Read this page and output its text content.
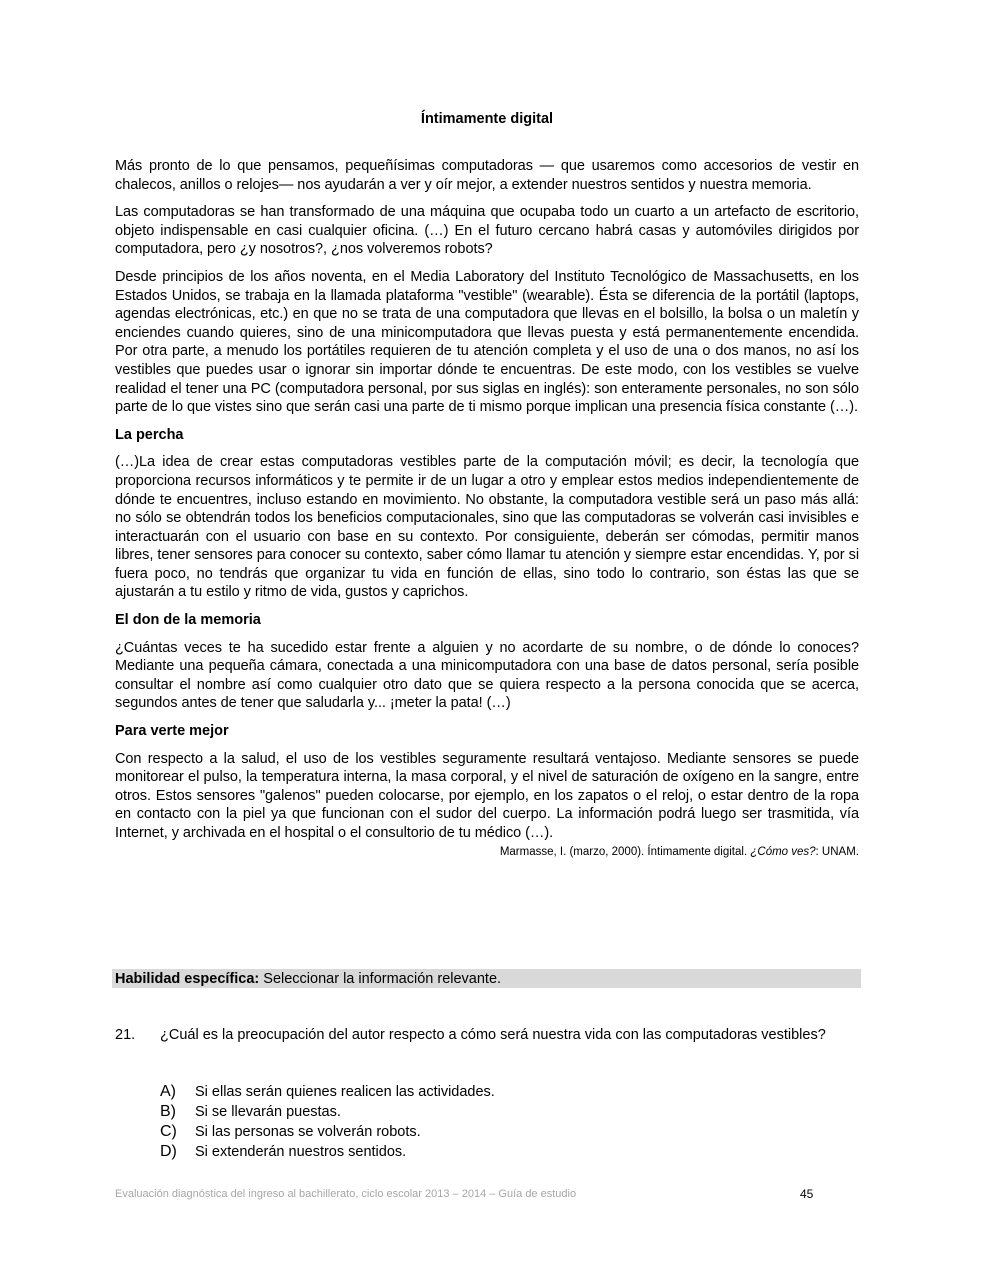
Íntimamente digital

Más pronto de lo que pensamos, pequeñísimas computadoras — que usaremos como accesorios de vestir en chalecos, anillos o relojes— nos ayudarán a ver y oír mejor, a extender nuestros sentidos y nuestra memoria.

Las computadoras se han transformado de una máquina que ocupaba todo un cuarto a un artefacto de escritorio, objeto indispensable en casi cualquier oficina. (…) En el futuro cercano habrá casas y automóviles dirigidos por computadora, pero ¿y nosotros?, ¿nos volveremos robots?

Desde principios de los años noventa, en el Media Laboratory del Instituto Tecnológico de Massachusetts, en los Estados Unidos, se trabaja en la llamada plataforma "vestible" (wearable). Ésta se diferencia de la portátil (laptops, agendas electrónicas, etc.) en que no se trata de una computadora que llevas en el bolsillo, la bolsa o un maletín y enciendes cuando quieres, sino de una minicomputadora que llevas puesta y está permanentemente encendida. Por otra parte, a menudo los portátiles requieren de tu atención completa y el uso de una o dos manos, no así los vestibles que puedes usar o ignorar sin importar dónde te encuentras. De este modo, con los vestibles se vuelve realidad el tener una PC (computadora personal, por sus siglas en inglés): son enteramente personales, no son sólo parte de lo que vistes sino que serán casi una parte de ti mismo porque implican una presencia física constante (…).

La percha

(…)La idea de crear estas computadoras vestibles parte de la computación móvil; es decir, la tecnología que proporciona recursos informáticos y te permite ir de un lugar a otro y emplear estos medios independientemente de dónde te encuentres, incluso estando en movimiento. No obstante, la computadora vestible será un paso más allá: no sólo se obtendrán todos los beneficios computacionales, sino que las computadoras se volverán casi invisibles e interactuarán con el usuario con base en su contexto. Por consiguiente, deberán ser cómodas, permitir manos libres, tener sensores para conocer su contexto, saber cómo llamar tu atención y siempre estar encendidas. Y, por si fuera poco, no tendrás que organizar tu vida en función de ellas, sino todo lo contrario, son éstas las que se ajustarán a tu estilo y ritmo de vida, gustos y caprichos.

El don de la memoria

¿Cuántas veces te ha sucedido estar frente a alguien y no acordarte de su nombre, o de dónde lo conoces? Mediante una pequeña cámara, conectada a una minicomputadora con una base de datos personal, sería posible consultar el nombre así como cualquier otro dato que se quiera respecto a la persona conocida que se acerca, segundos antes de tener que saludarla y... ¡meter la pata! (…)

Para verte mejor

Con respecto a la salud, el uso de los vestibles seguramente resultará ventajoso. Mediante sensores se puede monitorear el pulso, la temperatura interna, la masa corporal, y el nivel de saturación de oxígeno en la sangre, entre otros. Estos sensores "galenos" pueden colocarse, por ejemplo, en los zapatos o el reloj, o estar dentro de la ropa en contacto con la piel ya que funcionan con el sudor del cuerpo. La información podrá luego ser trasmitida, vía Internet, y archivada en el hospital o el consultorio de tu médico (…).

Marmasse, I. (marzo, 2000). Íntimamente digital. ¿Cómo ves?: UNAM.
Habilidad específica: Seleccionar la información relevante.
21. ¿Cuál es la preocupación del autor respecto a cómo será nuestra vida con las computadoras vestibles?
A)	Si ellas serán quienes realicen las actividades.
B)	Si se llevarán puestas.
C)	Si las personas se volverán robots.
D)	Si extenderán nuestros sentidos.
Evaluación diagnóstica del ingreso al bachillerato, ciclo escolar 2013 – 2014 – Guía de estudio	45
